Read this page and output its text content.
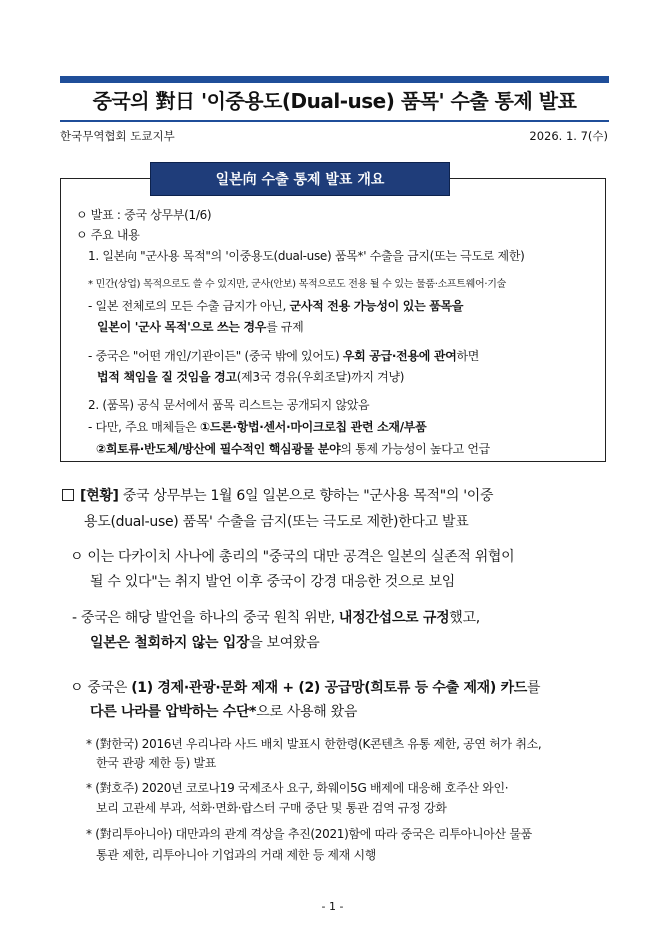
중국의 對日 '이중용도(Dual-use) 품목' 수출 통제 발표
한국무역협회 도쿄지부	2026. 1. 7(수)
일본向 수출 통제 발표 개요
ㅇ 발표 : 중국 상무부(1/6)
ㅇ 주요 내용
1. 일본向 "군사용 목적"의 '이중용도(dual-use) 품목*' 수출을 금지(또는 극도로 제한)
* 민간(상업) 목적으로도 쓸 수 있지만, 군사(안보) 목적으로도 전용 될 수 있는 물품·소프트웨어·기술
- 일본 전체로의 모든 수출 금지가 아닌, 군사적 전용 가능성이 있는 품목을
일본이 '군사 목적'으로 쓰는 경우를 규제
- 중국은 "어떤 개인/기관이든" (중국 밖에 있어도) 우회 공급·전용에 관여하면
법적 책임을 질 것임을 경고(제3국 경유(우회조달)까지 겨냥)
2. (품목) 공식 문서에서 품목 리스트는 공개되지 않았음
- 다만, 주요 매체들은 ①드론·항법·센서·마이크로칩 관련 소재/부품
②희토류·반도체/방산에 필수적인 핵심광물 분야의 통제 가능성이 높다고 언급
[현황] 중국 상무부는 1월 6일 일본으로 향하는 "군사용 목적"의 '이중
용도(dual-use) 품목' 수출을 금지(또는 극도로 제한)한다고 발표
ㅇ 이는 다카이치 사나에 총리의 "중국의 대만 공격은 일본의 실존적 위협이
될 수 있다"는 취지 발언 이후 중국이 강경 대응한 것으로 보임
- 중국은 해당 발언을 하나의 중국 원칙 위반, 내정간섭으로 규정했고,
일본은 철회하지 않는 입장을 보여왔음
ㅇ 중국은 (1) 경제·관광·문화 제재 + (2) 공급망(희토류 등 수출 제재) 카드를
다른 나라를 압박하는 수단*으로 사용해 왔음
* (對한국) 2016년 우리나라 사드 배치 발표시 한한령(K콘텐츠 유통 제한, 공연 허가 취소,
한국 관광 제한 등) 발표
* (對호주) 2020년 코로나19 국제조사 요구, 화웨이5G 배제에 대응해 호주산 와인·
보리 고관세 부과, 석화·면화·랍스터 구매 중단 및 통관 검역 규정 강화
* (對리투아니아) 대만과의 관계 격상을 추진(2021)함에 따라 중국은 리투아니아산 물품
통관 제한, 리투아니아 기업과의 거래 제한 등 제재 시행
- 1 -
